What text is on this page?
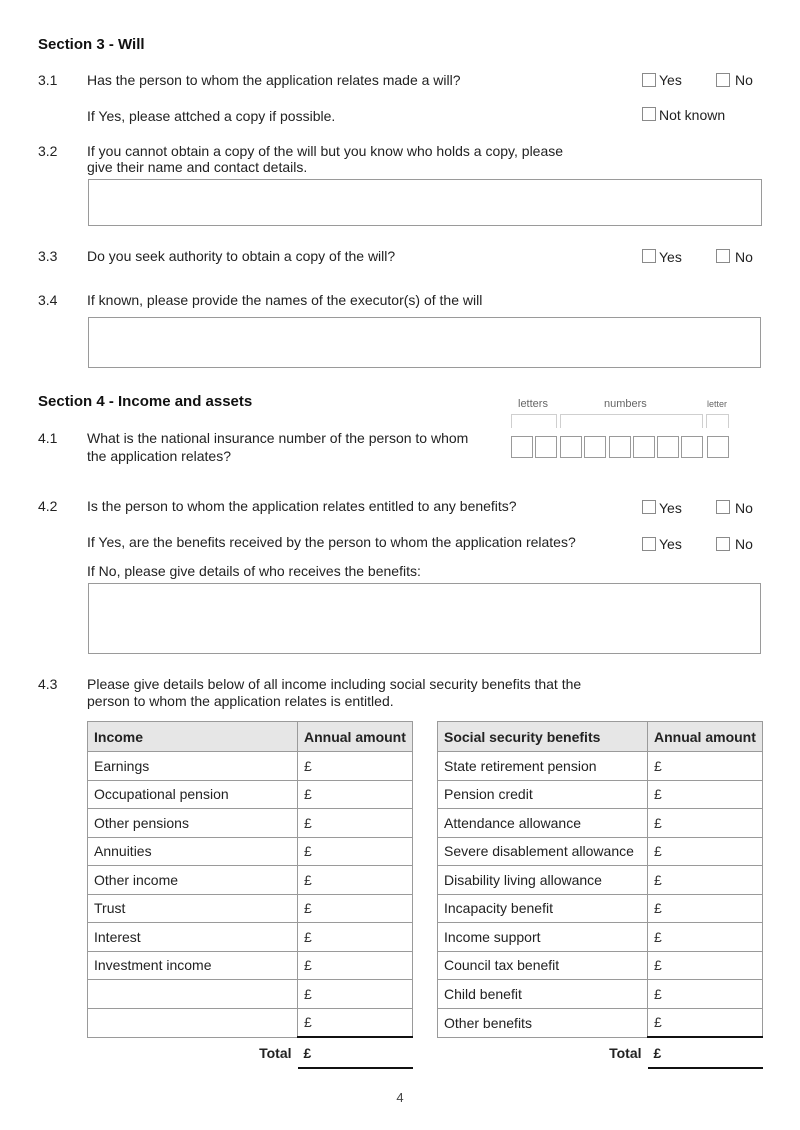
Section 3 - Will
3.1 Has the person to whom the application relates made a will?	Yes	No
If Yes, please attched a copy if possible.	Not known
3.2 If you cannot obtain a copy of the will but you know who holds a copy, please
give their name and contact details.
3.3 Do you seek authority to obtain a copy of the will?	Yes	No
3.4 If known, please provide the names of the executor(s) of the will
Section 4 - Income and assets	letters	numbers	letter
4.1 What is the national insurance number of the person to whom
the application relates?
4.2 Is the person to whom the application relates entitled to any benefits?	Yes	No
If Yes, are the benefits received by the person to whom the application relates?	Yes	No
If No, please give details of who receives the benefits:
4.3 Please give details below of all income including social security benefits that the
person to whom the application relates is entitled.
Income	Annual amount
Earnings	£
Occupational pension	£
Other pensions	£
Annuities	£
Other income	£
Trust	£
Interest	£
Investment income	£
	£
	£
Total	£
Social security benefits	Annual amount
State retirement pension	£
Pension credit	£
Attendance allowance	£
Severe disablement allowance	£
Disability living allowance	£
Incapacity benefit	£
Income support	£
Council tax benefit	£
Child benefit	£
Other benefits	£
Total	£
4
